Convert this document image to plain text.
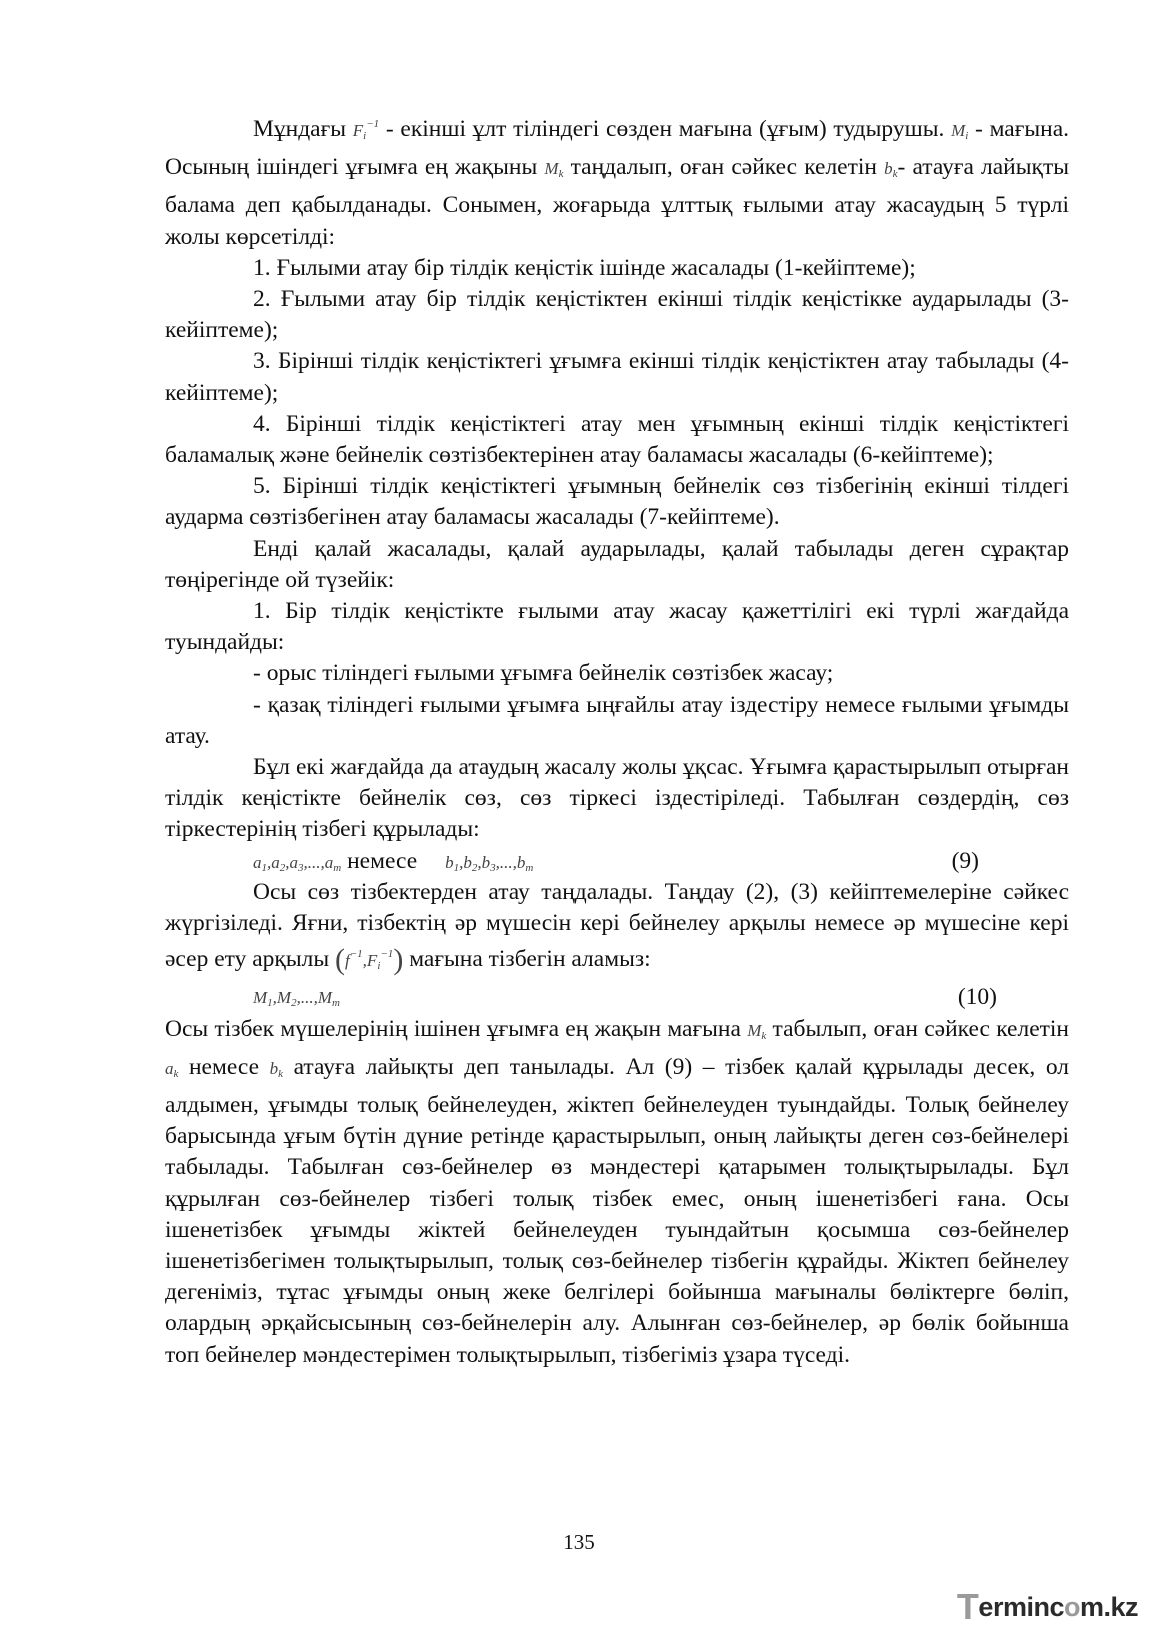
Мұндағы $F_i^{-1}$ - екінші ұлт тіліндегі сөзден мағына (ұғым) тудырушы. $M_i$ - мағына. Осының ішіндегі ұғымға ең жақыны $M_k$ таңдалып, оған сәйкес келетін $b_k-$ атауға лайықты балама деп қабылданады. Сонымен, жоғарыда ұлттық ғылыми атау жасаудың 5 түрлі жолы көрсетілді:

1. Ғылыми атау бір тілдік кеңістік ішінде жасалады (1-кейіптеме);

2. Ғылыми атау бір тілдік кеңістіктен екінші тілдік кеңістікке аударылады (3-кейіптеме);

3. Бірінші тілдік кеңістіктегі ұғымға екінші тілдік кеңістіктен атау табылады (4-кейіптеме);

4. Бірінші тілдік кеңістіктегі атау мен ұғымның екінші тілдік кеңістіктегі баламалық және бейнелік сөзтізбектерінен атау баламасы жасалады (6-кейіптеме);

5. Бірінші тілдік кеңістіктегі ұғымның бейнелік сөз тізбегінің екінші тілдегі аударма сөзтізбегінен атау баламасы жасалады (7-кейіптеме).

Енді қалай жасалады, қалай аударылады, қалай табылады деген сұрақтар төңірегінде ой түзейік:

1. Бір тілдік кеңістікте ғылыми атау жасау қажеттілігі екі түрлі жағдайда туындайды:

- орыс тіліндегі ғылыми ұғымға бейнелік сөзтізбек жасау;

- қазақ тіліндегі ғылыми ұғымға ыңғайлы атау іздестіру немесе ғылыми ұғымды атау.

Бұл екі жағдайда да атаудың жасалу жолы ұқсас. Ұғымға қарастырылып отырған тілдік кеңістікте бейнелік сөз, сөз тіркесі іздестіріледі. Табылған сөздердің, сөз тіркестерінің тізбегі құрылады:

$a_1,a_2,a_3,...,a_m$ немесе $b_1,b_2,b_3,...,b_m$	(9)

Осы сөз тізбектерден атау таңдалады. Таңдау (2), (3) кейіптемелеріне сәйкес жүргізіледі. Яғни, тізбектің әр мүшесін кері бейнелеу арқылы немесе әр мүшесіне кері әсер ету арқылы $(f^{-1},F_i^{-1})$ мағына тізбегін аламыз:

$M_1,M_2,...,M_m$	(10)

Осы тізбек мүшелерінің ішінен ұғымға ең жақын мағына $M_k$ табылып, оған сәйкес келетін $a_k$ немесе $b_k$ атауға лайықты деп танылады. Ал (9) – тізбек қалай құрылады десек, ол алдымен, ұғымды толық бейнелеуден, жіктеп бейнелеуден туындайды. Толық бейнелеу барысында ұғым бүтін дүние ретінде қарастырылып, оның лайықты деген сөз-бейнелері табылады. Табылған сөз-бейнелер өз мәндестері қатарымен толықтырылады. Бұл құрылған сөз-бейнелер тізбегі толық тізбек емес, оның ішенетізбегі ғана. Осы ішенетізбек ұғымды жіктей бейнелеуден туындайтын қосымша сөз-бейнелер ішенетізбегімен толықтырылып, толық сөз-бейнелер тізбегін құрайды. Жіктеп бейнелеу дегеніміз, тұтас ұғымды оның жеке белгілері бойынша мағыналы бөліктерге бөліп, олардың әрқайсысының сөз-бейнелерін алу. Алынған сөз-бейнелер, әр бөлік бойынша топ бейнелер мәндестерімен толықтырылып, тізбегіміз ұзара түседі.

135
Termincom.kz
